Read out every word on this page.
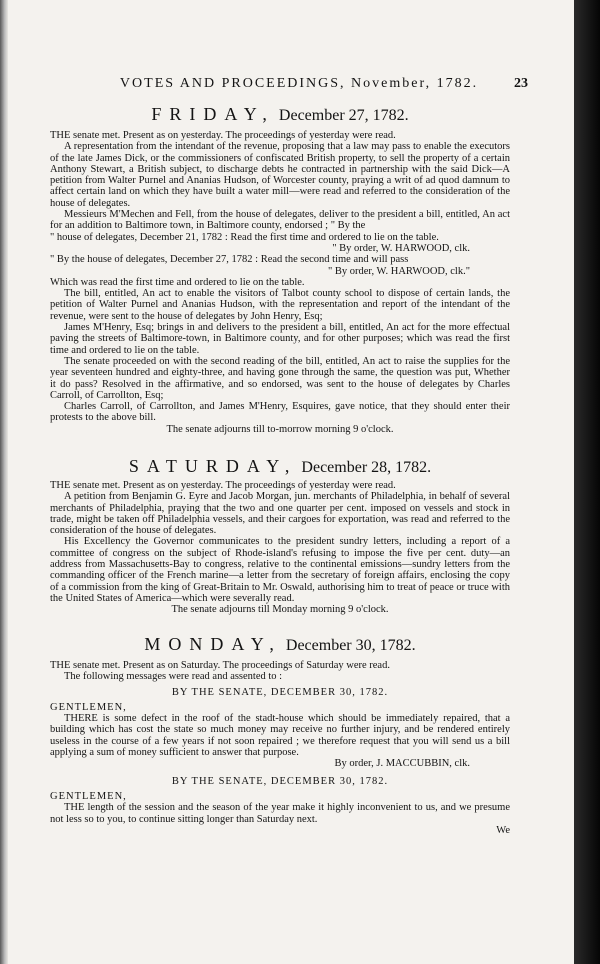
VOTES AND PROCEEDINGS, November, 1782.	23
FRIDAY, December 27, 1782.

THE senate met. Present as on yesterday. The proceedings of yesterday were read.

A representation from the intendant of the revenue, proposing that a law may pass to enable the executors of the late James Dick, or the commissioners of confiscated British property, to sell the property of a certain Anthony Stewart, a British subject, to discharge debts he contracted in partnership with the said Dick—A petition from Walter Purnel and Ananias Hudson, of Worcester county, praying a writ of ad quod damnum to affect certain land on which they have built a water mill—were read and referred to the consideration of the house of delegates.

Messieurs M'Mechen and Fell, from the house of delegates, deliver to the president a bill, entitled, An act for an addition to Baltimore town, in Baltimore county, endorsed ; " By the

" house of delegates, December 21, 1782 : Read the first time and ordered to lie on the table.

" By order, W. HARWOOD, clk.

" By the house of delegates, December 27, 1782 : Read the second time and will pass

" By order, W. HARWOOD, clk."

Which was read the first time and ordered to lie on the table.

The bill, entitled, An act to enable the visitors of Talbot county school to dispose of certain lands, the petition of Walter Purnel and Ananias Hudson, with the representation and report of the intendant of the revenue, were sent to the house of delegates by John Henry, Esq;

James M'Henry, Esq; brings in and delivers to the president a bill, entitled, An act for the more effectual paving the streets of Baltimore-town, in Baltimore county, and for other purposes; which was read the first time and ordered to lie on the table.

The senate proceeded on with the second reading of the bill, entitled, An act to raise the supplies for the year seventeen hundred and eighty-three, and having gone through the same, the question was put, Whether it do pass? Resolved in the affirmative, and so endorsed, was sent to the house of delegates by Charles Carroll, of Carrollton, Esq;

Charles Carroll, of Carrollton, and James M'Henry, Esquires, gave notice, that they should enter their protests to the above bill.

The senate adjourns till to-morrow morning 9 o'clock.

SATURDAY, December 28, 1782.

THE senate met. Present as on yesterday. The proceedings of yesterday were read.

A petition from Benjamin G. Eyre and Jacob Morgan, jun. merchants of Philadelphia, in behalf of several merchants of Philadelphia, praying that the two and one quarter per cent. imposed on vessels and stock in trade, might be taken off Philadelphia vessels, and their cargoes for exportation, was read and referred to the consideration of the house of delegates.

His Excellency the Governor communicates to the president sundry letters, including a report of a committee of congress on the subject of Rhode-island's refusing to impose the five per cent. duty—an address from Massachusetts-Bay to congress, relative to the continental emissions—sundry letters from the commanding officer of the French marine—a letter from the secretary of foreign affairs, enclosing the copy of a commission from the king of Great-Britain to Mr. Oswald, authorising him to treat of peace or truce with the United States of America—which were severally read.

The senate adjourns till Monday morning 9 o'clock.

MONDAY, December 30, 1782.

THE senate met. Present as on Saturday. The proceedings of Saturday were read.

The following messages were read and assented to :

BY THE SENATE, DECEMBER 30, 1782.

GENTLEMEN,

THERE is some defect in the roof of the stadt-house which should be immediately repaired, that a building which has cost the state so much money may receive no further injury, and be rendered entirely useless in the course of a few years if not soon repaired ; we therefore request that you will send us a bill applying a sum of money sufficient to answer that purpose.

By order, J. MACCUBBIN, clk.

BY THE SENATE, DECEMBER 30, 1782.

GENTLEMEN,

THE length of the session and the season of the year make it highly inconvenient to us, and we presume not less so to you, to continue sitting longer than Saturday next.

We
